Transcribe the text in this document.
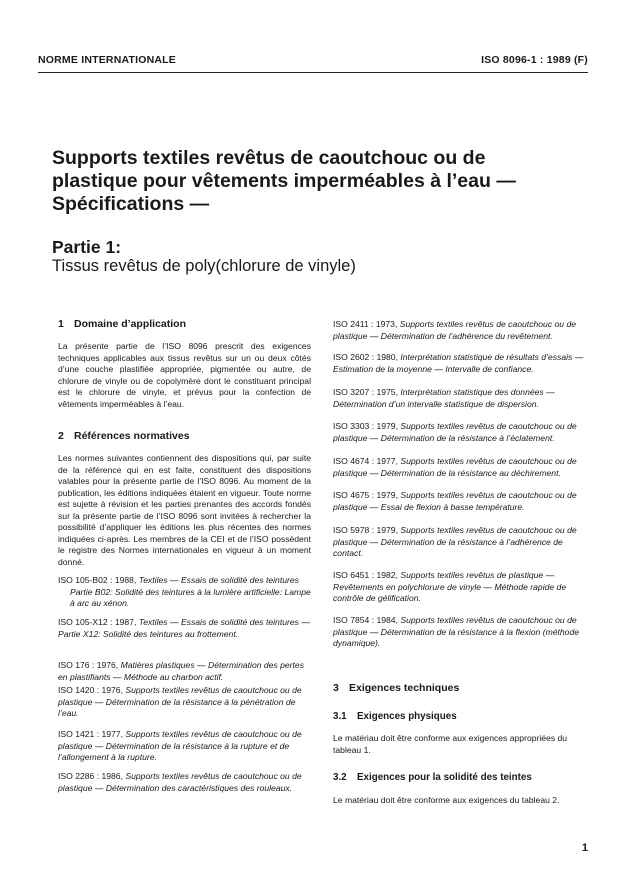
NORME INTERNATIONALE	ISO 8096-1 : 1989 (F)
Supports textiles revêtus de caoutchouc ou de
plastique pour vêtements imperméables à l’eau —
Spécifications —
Partie 1:
Tissus revêtus de poly(chlorure de vinyle)
1 Domaine d’application

La présente partie de l’ISO 8096 prescrit des exigences techniques applicables aux tissus revêtus sur un ou deux côtés d’une couche plastifiée appropriée, pigmentée ou autre, de chlorure de vinyle ou de copolymère dont le constituant principal est le chlorure de vinyle, et prévus pour la confection de vêtements imperméables à l’eau.

2 Références normatives

Les normes suivantes contiennent des dispositions qui, par suite de la référence qui en est faite, constituent des dispositions valables pour la présente partie de l’ISO 8096. Au moment de la publication, les éditions indiquées étaient en vigueur. Toute norme est sujette à révision et les parties prenantes des accords fondés sur la présente partie de l’ISO 8096 sont invitées à rechercher la possibilité d’appliquer les éditions les plus récentes des normes indiquées ci-après. Les membres de la CEI et de l’ISO possèdent le registre des Normes internationales en vigueur à un moment donné.

ISO 105-B02 : 1988, Textiles — Essais de solidité des teintures

Partie B02: Solidité des teintures à la lumière artificielle: Lampe à arc au xénon.

ISO 105-X12 : 1987, Textiles — Essais de solidité des teintures — Partie X12: Solidité des teintures au frottement.

ISO 176 : 1976, Matières plastiques — Détermination des pertes en plastifiants — Méthode au charbon actif.

ISO 1420 : 1976, Supports textiles revêtus de caoutchouc ou de plastique — Détermination de la résistance à la pénétration de l’eau.

ISO 1421 : 1977, Supports textiles revêtus de caoutchouc ou de plastique — Détermination de la résistance à la rupture et de l’allongement à la rupture.

ISO 2286 : 1986, Supports textiles revêtus de caoutchouc ou de plastique — Détermination des caractéristiques des rouleaux.

ISO 2411 : 1973, Supports textiles revêtus de caoutchouc ou de plastique — Détermination de l’adhérence du revêtement.

ISO 2602 : 1980, Interprétation statistique de résultats d’essais — Estimation de la moyenne — Intervalle de confiance.

ISO 3207 : 1975, Interprétation statistique des données — Détermination d’un intervalle statistique de dispersion.

ISO 3303 : 1979, Supports textiles revêtus de caoutchouc ou de plastique — Détermination de la résistance à l’éclatement.

ISO 4674 : 1977, Supports textiles revêtus de caoutchouc ou de plastique — Détermination de la résistance au déchirement.

ISO 4675 : 1979, Supports textiles revêtus de caoutchouc ou de plastique — Essai de flexion à basse température.

ISO 5978 : 1979, Supports textiles revêtus de caoutchouc ou de plastique — Détermination de la résistance à l’adhérence de contact.

ISO 6451 : 1982, Supports textiles revêtus de plastique — Revêtements en polychlorure de vinyle — Méthode rapide de contrôle de gélification.

ISO 7854 : 1984, Supports textiles revêtus de caoutchouc ou de plastique — Détermination de la résistance à la flexion (méthode dynamique).

3 Exigences techniques
3.1 Exigences physiques

Le matériau doit être conforme aux exigences appropriées du tableau 1.

3.2 Exigences pour la solidité des teintes

Le matériau doit être conforme aux exigences du tableau 2.

1
